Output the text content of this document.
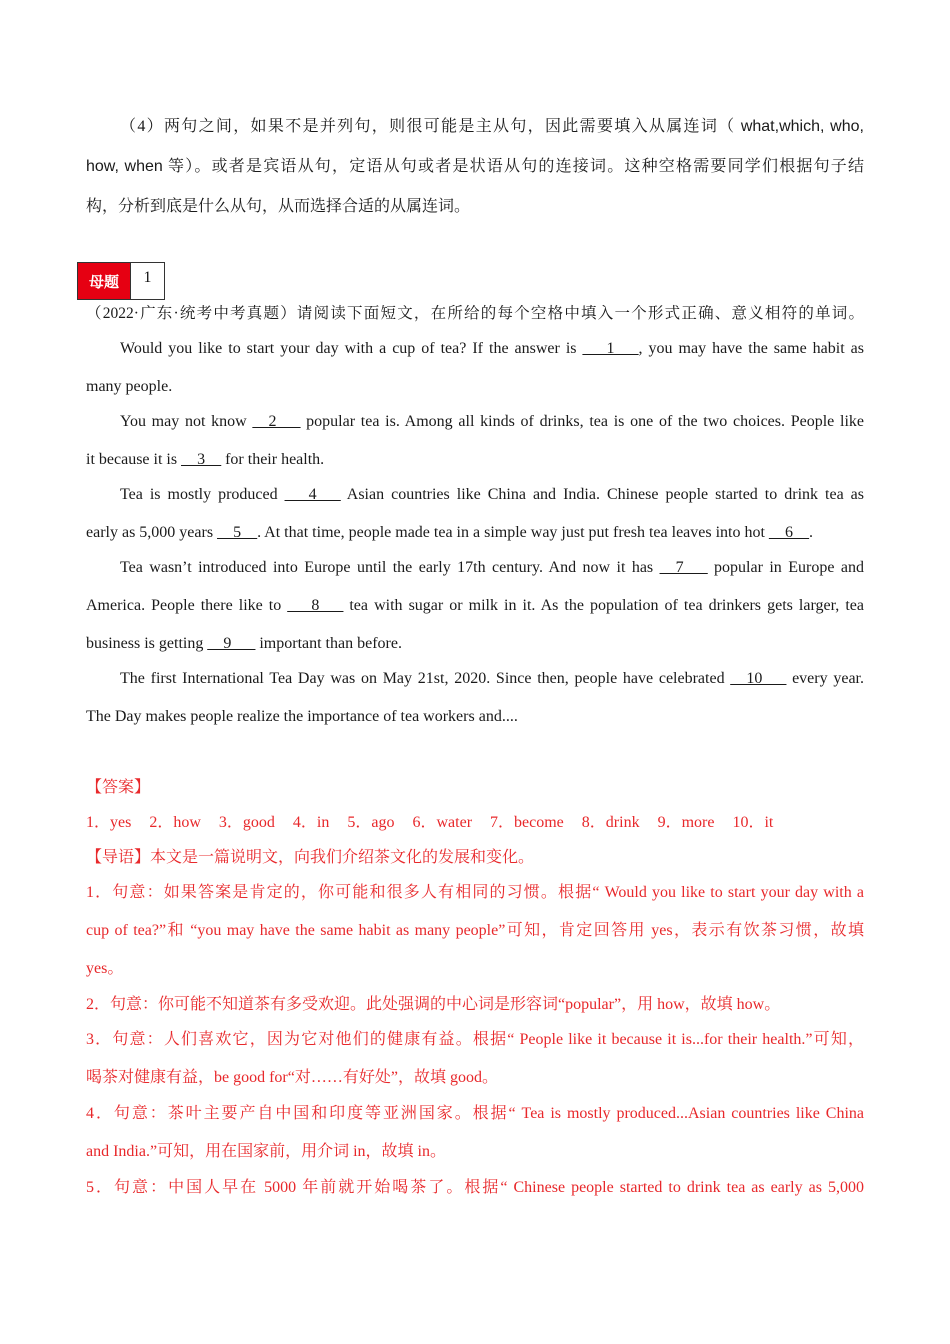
（4）两句之间，如果不是并列句，则很可能是主从句，因此需要填入从属连词（ what,which, who,
how, when 等）。或者是宾语从句，定语从句或者是状语从句的连接词。这种空格需要同学们根据句子结
构，分析到底是什么从句，从而选择合适的从属连词。
母题	1
（2022·广东·统考中考真题）请阅读下面短文，在所给的每个空格中填入一个形式正确、意义相符的单词。
Would you like to start your day with a cup of tea? If the answer is ___1___, you may have the same habit as
many people.
You may not know __2___ popular tea is. Among all kinds of drinks, tea is one of the two choices. People like
it because it is __3__ for their health.
Tea is mostly produced ___4___ Asian countries like China and India. Chinese people started to drink tea as
early as 5,000 years __5__. At that time, people made tea in a simple way just put fresh tea leaves into hot __6__.
Tea wasn’t introduced into Europe until the early 17th century. And now it has __7___ popular in Europe and
America. People there like to ___8___ tea with sugar or milk in it. As the population of tea drinkers gets larger, tea
business is getting __9___ important than before.
The first International Tea Day was on May 21st, 2020. Since then, people have celebrated __10___ every year.
The Day makes people realize the importance of tea workers and....
【答案】
1．yes 2．how 3．good 4．in 5．ago 6．water 7．become 8．drink 9．more 10．it
【导语】本文是一篇说明文，向我们介绍茶文化的发展和变化。
1．句意：如果答案是肯定的，你可能和很多人有相同的习惯。根据“ Would you like to start your day with a
cup of tea?”和 “you may have the same habit as many people”可知，肯定回答用 yes，表示有饮茶习惯，故填
yes。
2．句意：你可能不知道茶有多受欢迎。此处强调的中心词是形容词“popular”，用 how，故填 how。
3．句意：人们喜欢它，因为它对他们的健康有益。根据“ People like it because it is...for their health.”可知，
喝茶对健康有益，be good for“对……有好处”，故填 good。
4．句意：茶叶主要产自中国和印度等亚洲国家。根据“ Tea is mostly produced...Asian countries like China
and India.”可知，用在国家前，用介词 in，故填 in。
5．句意：中国人早在 5000 年前就开始喝茶了。根据“ Chinese people started to drink tea as early as 5,000
